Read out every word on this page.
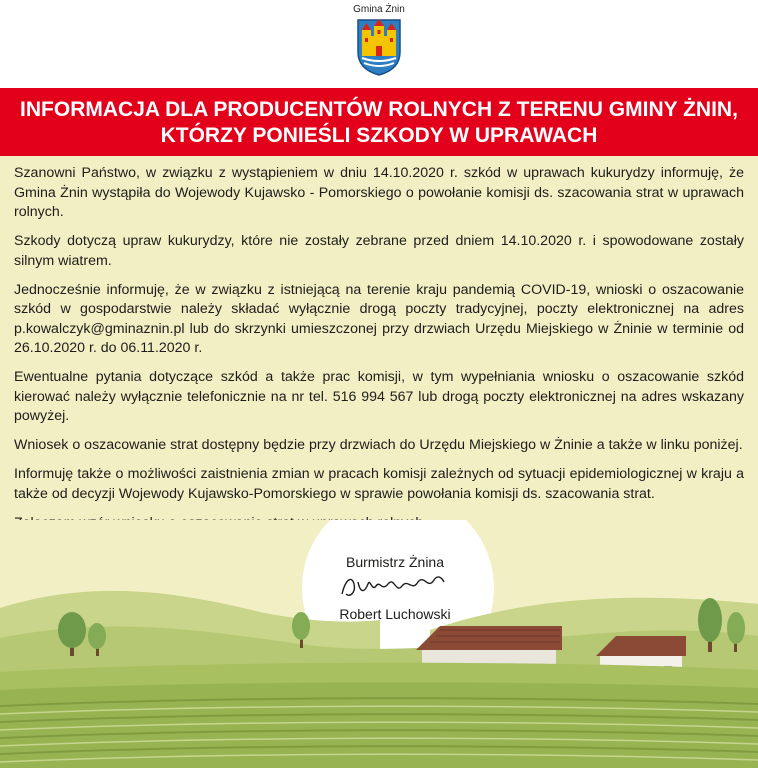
Gmina Żnin
INFORMACJA DLA PRODUCENTÓW ROLNYCH Z TERENU GMINY ŻNIN,
KTÓRZY PONIEŚLI SZKODY W UPRAWACH

Szanowni Państwo, w związku z wystąpieniem w dniu 14.10.2020 r. szkód w uprawach kukurydzy informuję, że Gmina Żnin wystąpiła do Wojewody Kujawsko - Pomorskiego o powołanie komisji ds. szacowania strat w uprawach rolnych.

Szkody dotyczą upraw kukurydzy, które nie zostały zebrane przed dniem 14.10.2020 r. i spowodowane zostały silnym wiatrem.

Jednocześnie informuję, że w związku z istniejącą na terenie kraju pandemią COVID-19, wnioski o oszacowanie szkód w gospodarstwie należy składać wyłącznie drogą poczty tradycyjnej, poczty elektronicznej na adres p.kowalczyk@gminaznin.pl lub do skrzynki umieszczonej przy drzwiach Urzędu Miejskiego w Żninie w terminie od 26.10.2020 r. do 06.11.2020 r.

Ewentualne pytania dotyczące szkód a także prac komisji, w tym wypełniania wniosku o oszacowanie szkód kierować należy wyłącznie telefonicznie na nr tel. 516 994 567 lub drogą poczty elektronicznej na adres wskazany powyżej.

Wniosek o oszacowanie strat dostępny będzie przy drzwiach do Urzędu Miejskiego w Żninie a także w linku poniżej.

Informuję także o możliwości zaistnienia zmian w pracach komisji zależnych od sytuacji epidemiologicznej w kraju a także od decyzji Wojewody Kujawsko-Pomorskiego w sprawie powołania komisji ds. szacowania strat.

Burmistrz Żnina
Robert Luchowski
